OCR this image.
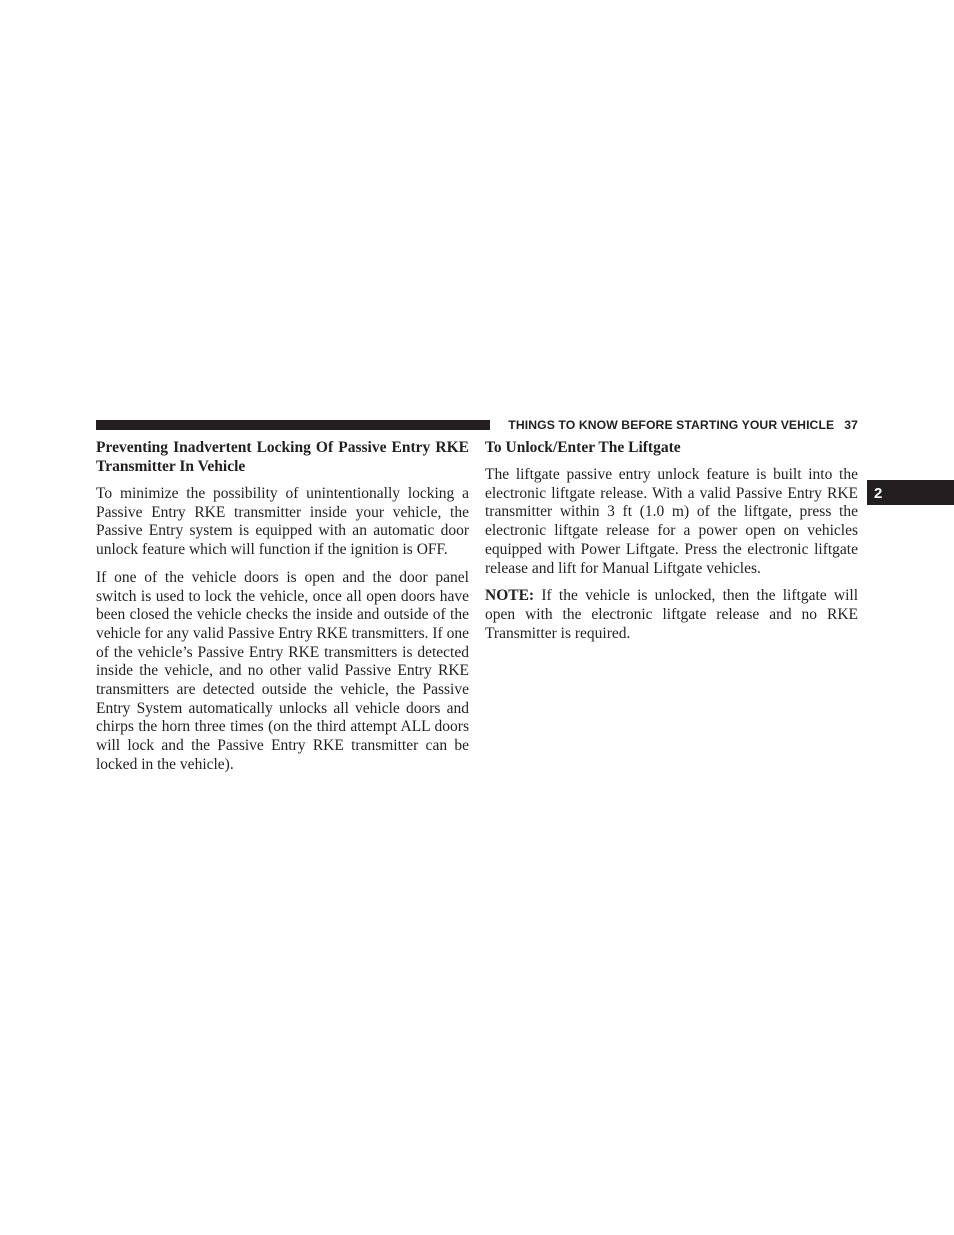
THINGS TO KNOW BEFORE STARTING YOUR VEHICLE 37
2
Preventing Inadvertent Locking Of Passive Entry RKE Transmitter In Vehicle

To minimize the possibility of unintentionally locking a Passive Entry RKE transmitter inside your vehicle, the Passive Entry system is equipped with an automatic door unlock feature which will function if the ignition is OFF.

If one of the vehicle doors is open and the door panel switch is used to lock the vehicle, once all open doors have been closed the vehicle checks the inside and outside of the vehicle for any valid Passive Entry RKE transmitters. If one of the vehicle’s Passive Entry RKE transmitters is detected inside the vehicle, and no other valid Passive Entry RKE transmitters are detected outside the vehicle, the Passive Entry System automatically unlocks all vehicle doors and chirps the horn three times (on the third attempt ALL doors will lock and the Passive Entry RKE transmitter can be locked in the vehicle).

To Unlock/Enter The Liftgate

The liftgate passive entry unlock feature is built into the electronic liftgate release. With a valid Passive Entry RKE transmitter within 3 ft (1.0 m) of the liftgate, press the electronic liftgate release for a power open on vehicles equipped with Power Liftgate. Press the electronic liftgate release and lift for Manual Liftgate vehicles.

NOTE: If the vehicle is unlocked, then the liftgate will open with the electronic liftgate release and no RKE Transmitter is required.
